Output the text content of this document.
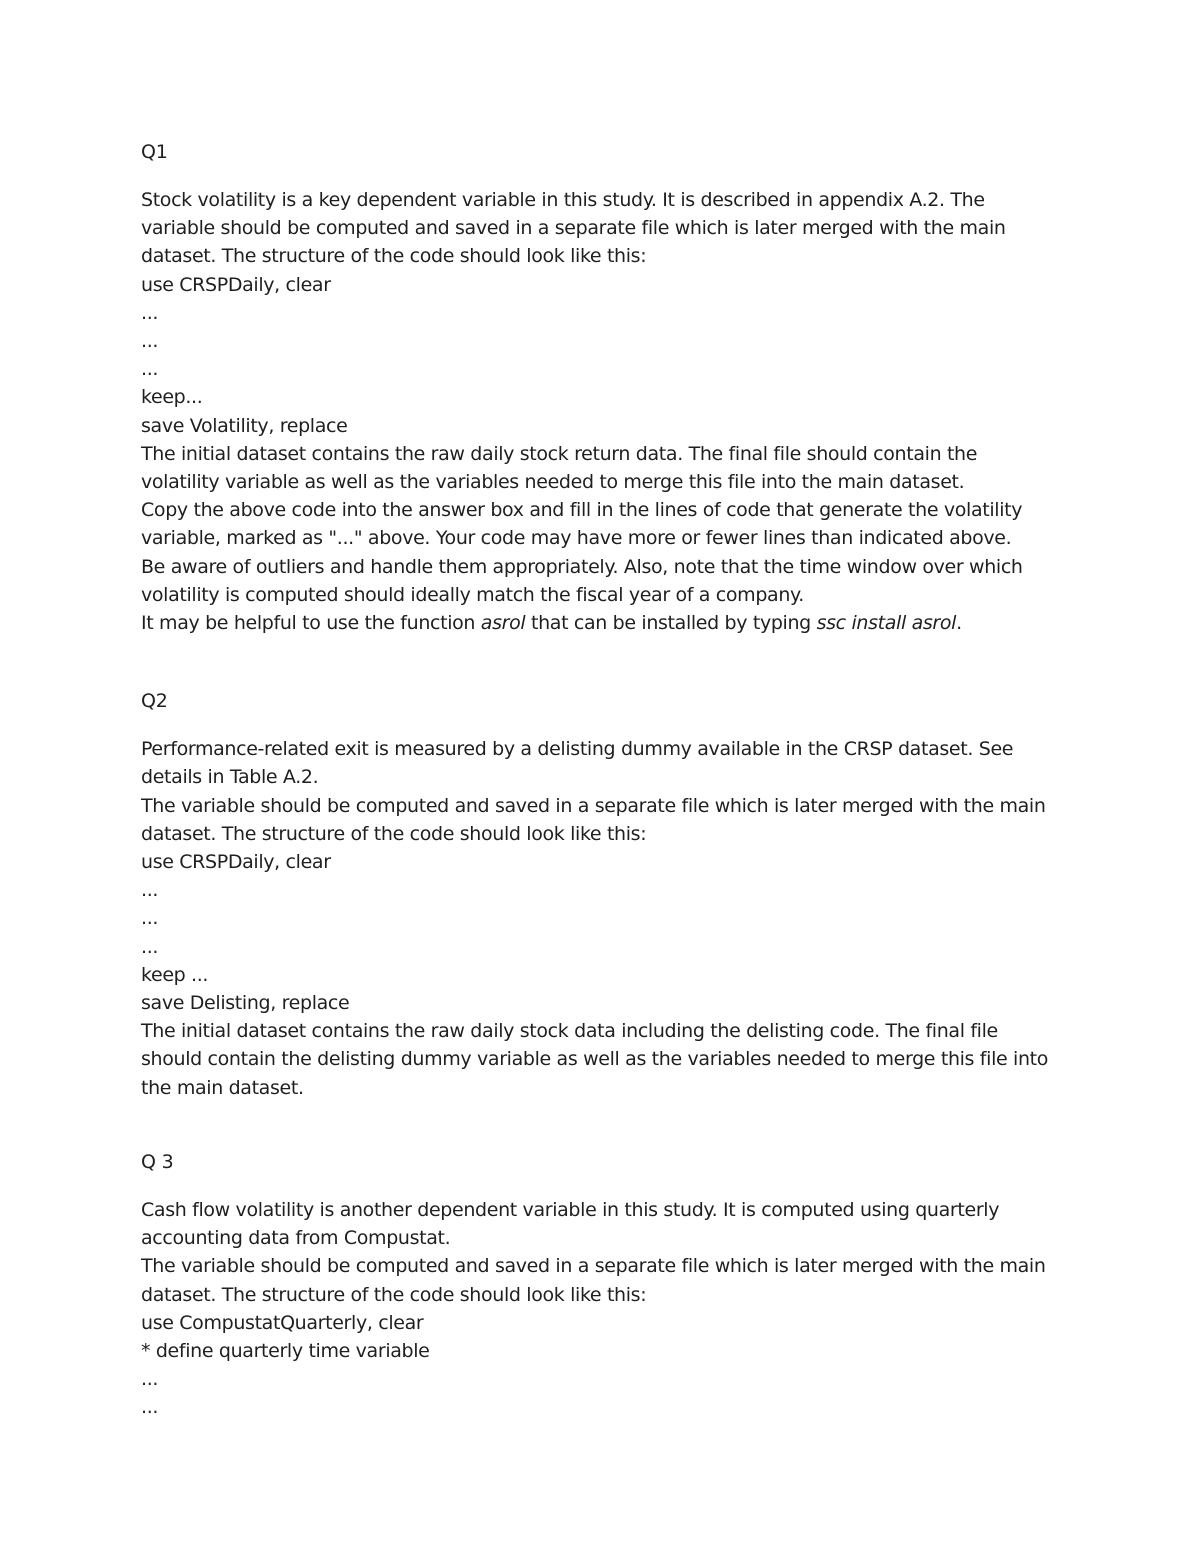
Q1
Stock volatility is a key dependent variable in this study. It is described in appendix A.2. The
variable should be computed and saved in a separate file which is later merged with the main
dataset. The structure of the code should look like this:
use CRSPDaily, clear
...
...
...
keep...
save Volatility, replace
The initial dataset contains the raw daily stock return data. The final file should contain the
volatility variable as well as the variables needed to merge this file into the main dataset.
Copy the above code into the answer box and fill in the lines of code that generate the volatility
variable, marked as "..." above. Your code may have more or fewer lines than indicated above.
Be aware of outliers and handle them appropriately. Also, note that the time window over which
volatility is computed should ideally match the fiscal year of a company.
It may be helpful to use the function asrol that can be installed by typing ssc install asrol.
Q2
Performance-related exit is measured by a delisting dummy available in the CRSP dataset. See
details in Table A.2.
The variable should be computed and saved in a separate file which is later merged with the main
dataset. The structure of the code should look like this:
use CRSPDaily, clear
...
...
...
keep ...
save Delisting, replace
The initial dataset contains the raw daily stock data including the delisting code. The final file
should contain the delisting dummy variable as well as the variables needed to merge this file into
the main dataset.
Q 3
Cash flow volatility is another dependent variable in this study. It is computed using quarterly
accounting data from Compustat.
The variable should be computed and saved in a separate file which is later merged with the main
dataset. The structure of the code should look like this:
use CompustatQuarterly, clear
* define quarterly time variable
...
...
